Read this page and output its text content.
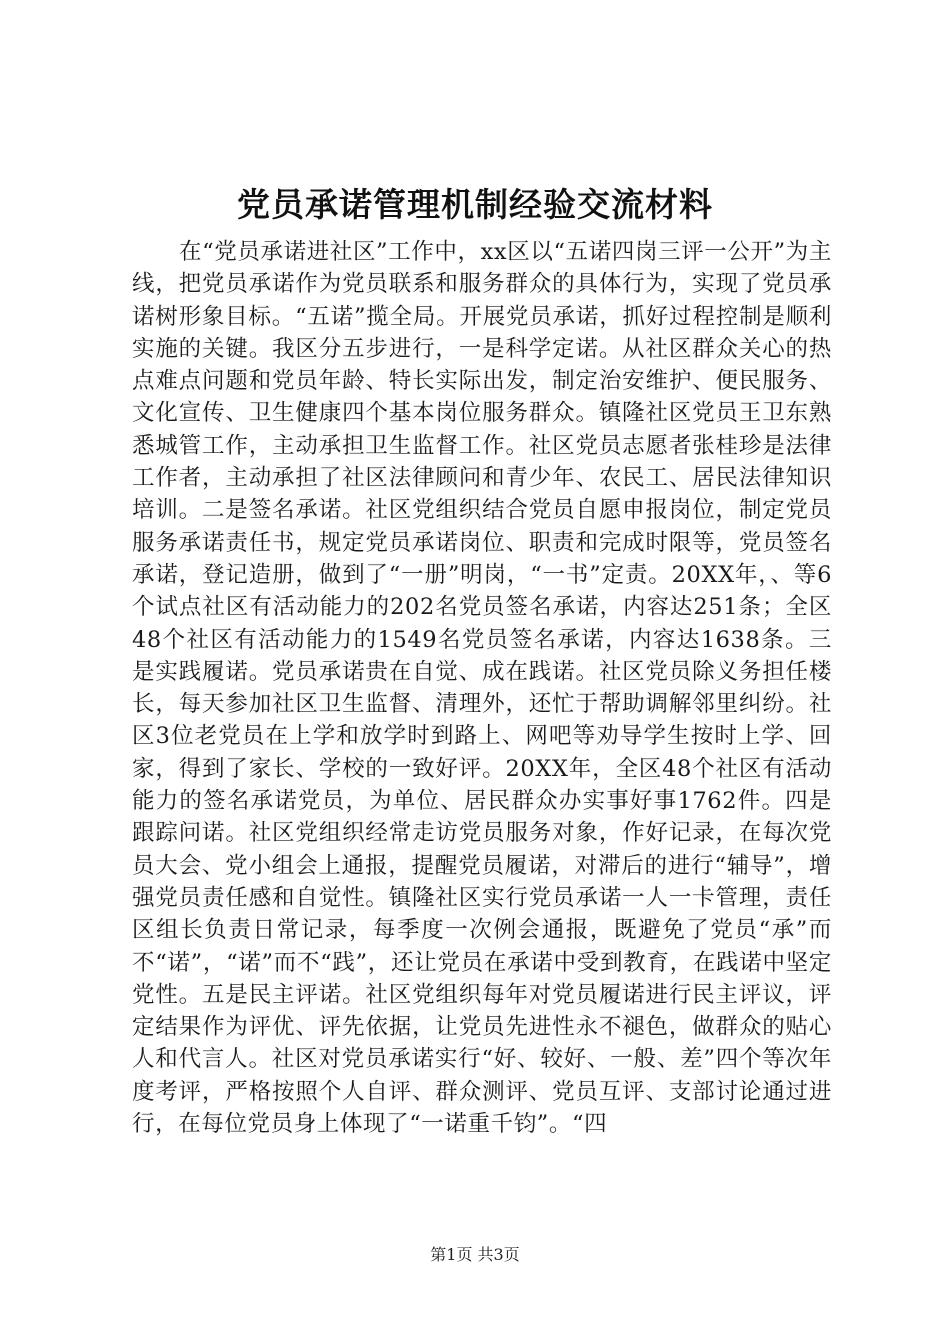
党员承诺管理机制经验交流材料

在“党员承诺进社区”工作中，xx区以“五诺四岗三评一公开”为主线，把党员承诺作为党员联系和服务群众的具体行为，实现了党员承诺树形象目标。“五诺”揽全局。开展党员承诺，抓好过程控制是顺利实施的关键。我区分五步进行，一是科学定诺。从社区群众关心的热点难点问题和党员年龄、特长实际出发，制定治安维护、便民服务、文化宣传、卫生健康四个基本岗位服务群众。镇隆社区党员王卫东熟悉城管工作，主动承担卫生监督工作。社区党员志愿者张桂珍是法律工作者，主动承担了社区法律顾问和青少年、农民工、居民法律知识培训。二是签名承诺。社区党组织结合党员自愿申报岗位，制定党员服务承诺责任书，规定党员承诺岗位、职责和完成时限等，党员签名承诺，登记造册，做到了“一册”明岗，“一书”定责。20XX年，、等6个试点社区有活动能力的202名党员签名承诺，内容达251条；全区48个社区有活动能力的1549名党员签名承诺，内容达1638条。三是实践履诺。党员承诺贵在自觉、成在践诺。社区党员除义务担任楼长，每天参加社区卫生监督、清理外，还忙于帮助调解邻里纠纷。社区3位老党员在上学和放学时到路上、网吧等劝导学生按时上学、回家，得到了家长、学校的一致好评。20XX年，全区48个社区有活动能力的签名承诺党员，为单位、居民群众办实事好事1762件。四是跟踪问诺。社区党组织经常走访党员服务对象，作好记录，在每次党员大会、党小组会上通报，提醒党员履诺，对滞后的进行“辅导”，增强党员责任感和自觉性。镇隆社区实行党员承诺一人一卡管理，责任区组长负责日常记录，每季度一次例会通报，既避免了党员“承”而不“诺”，“诺”而不“践”，还让党员在承诺中受到教育，在践诺中坚定党性。五是民主评诺。社区党组织每年对党员履诺进行民主评议，评定结果作为评优、评先依据，让党员先进性永不褪色，做群众的贴心人和代言人。社区对党员承诺实行“好、较好、一般、差”四个等次年度考评，严格按照个人自评、群众测评、党员互评、支部讨论通过进行，在每位党员身上体现了“一诺重千钧”。“四

第1页 共3页
